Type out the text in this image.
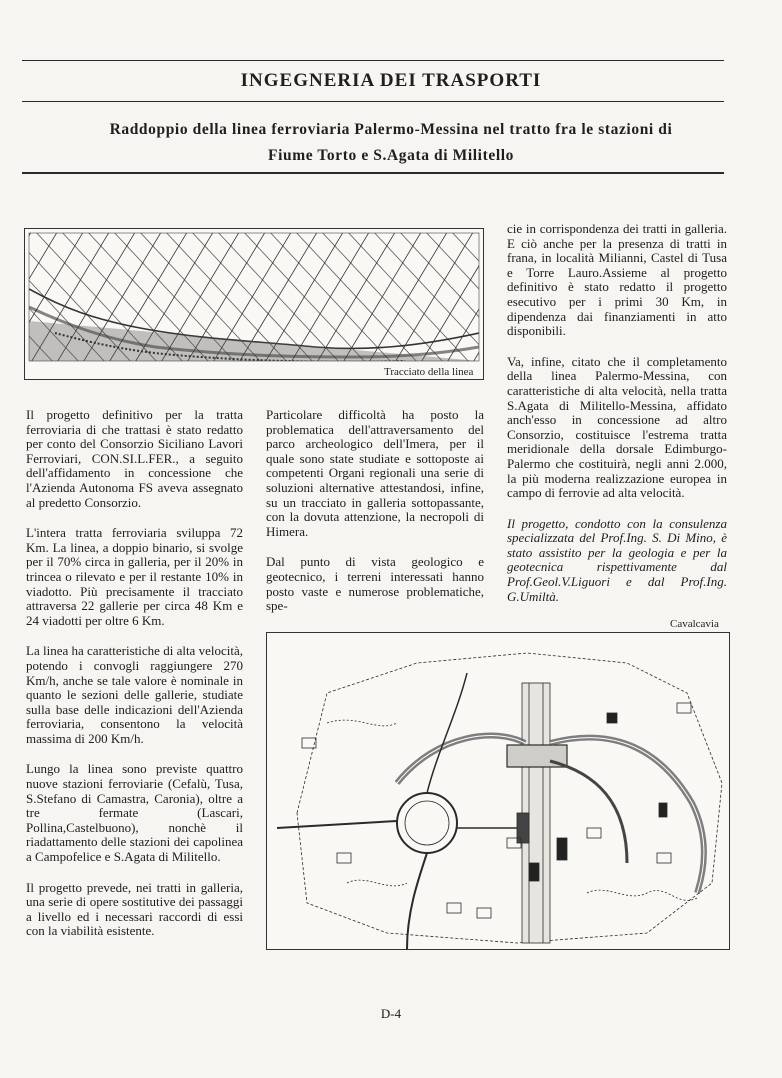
INGEGNERIA DEI TRASPORTI
Raddoppio della linea ferroviaria Palermo-Messina nel tratto fra le stazioni di
Fiume Torto e S.Agata di Militello
Tracciato della linea

Il progetto definitivo per la tratta ferroviaria di che trattasi è stato redatto per conto del Consorzio Siciliano Lavori Ferroviari, CON.SI.L.FER., a seguito dell'affidamento in concessione che l'Azienda Autonoma FS aveva assegnato al predetto Consorzio.

L'intera tratta ferroviaria sviluppa 72 Km. La linea, a doppio binario, si svolge per il 70% circa in galleria, per il 20% in trincea o rilevato e per il restante 10% in viadotto. Più precisamente il tracciato attraversa 22 gallerie per circa 48 Km e 24 viadotti per oltre 6 Km.

La linea ha caratteristiche di alta velocità, potendo i convogli raggiungere 270 Km/h, anche se tale valore è nominale in quanto le sezioni delle gallerie, studiate sulla base delle indicazioni dell'Azienda ferroviaria, consentono la velocità massima di 200 Km/h.

Lungo la linea sono previste quattro nuove stazioni ferroviarie (Cefalù, Tusa, S.Stefano di Camastra, Caronia), oltre a tre fermate (Lascari, Pollina,Castelbuono), nonchè il riadattamento delle stazioni dei capolinea a Campofelice e S.Agata di Militello.

Il progetto prevede, nei tratti in galleria, una serie di opere sostitutive dei passaggi a livello ed i necessari raccordi di essi con la viabilità esistente.

Particolare difficoltà ha posto la problematica dell'attraversamento del parco archeologico dell'Imera, per il quale sono state studiate e sottoposte ai competenti Organi regionali una serie di soluzioni alternative attestandosi, infine, su un tracciato in galleria sottopassante, con la dovuta attenzione, la necropoli di Himera.

Dal punto di vista geologico e geotecnico, i terreni interessati hanno posto vaste e numerose problematiche, spe-

cie in corrispondenza dei tratti in galleria. E ciò anche per la presenza di tratti in frana, in località Milianni, Castel di Tusa e Torre Lauro.Assieme al progetto definitivo è stato redatto il progetto esecutivo per i primi 30 Km, in dipendenza dai finanziamenti in atto disponibili.

Va, infine, citato che il completamento della linea Palermo-Messina, con caratteristiche di alta velocità, nella tratta S.Agata di Militello-Messina, affidato anch'esso in concessione ad altro Consorzio, costituisce l'estrema tratta meridionale della dorsale Edimburgo-Palermo che costituirà, negli anni 2.000, la più moderna realizzazione europea in campo di ferrovie ad alta velocità.

Il progetto, condotto con la consulenza specializzata del Prof.Ing. S. Di Mino, è stato assistito per la geologia e per la geotecnica rispettivamente dal Prof.Geol.V.Liguori e dal Prof.Ing. G.Umiltà.

Cavalcavia
D-4
